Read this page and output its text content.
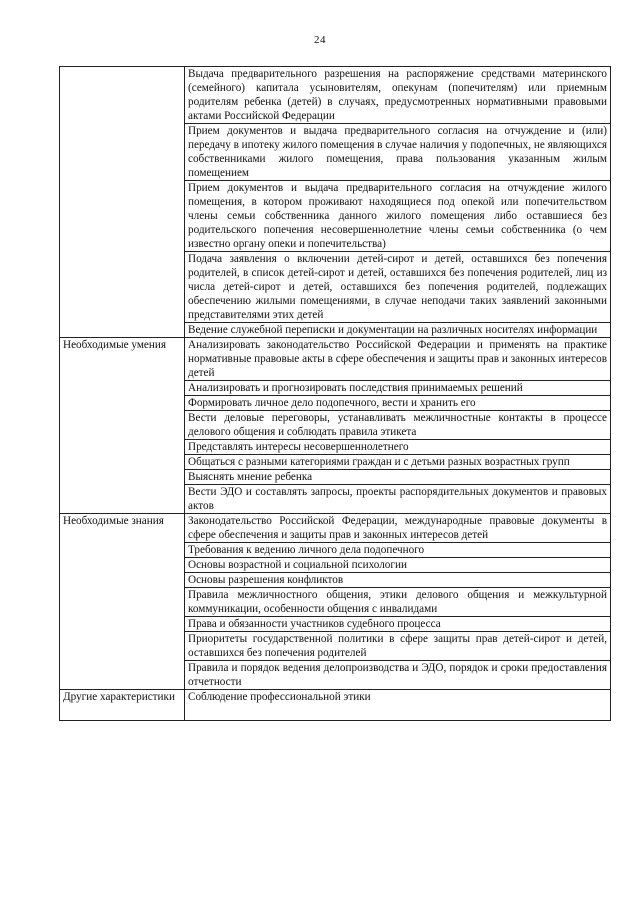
24
	Выдача предварительного разрешения на распоряжение средствами материнского (семейного) капитала усыновителям, опекунам (попечителям) или приемным родителям ребенка (детей) в случаях, предусмотренных нормативными правовыми актами Российской Федерации
	Прием документов и выдача предварительного согласия на отчуждение и (или) передачу в ипотеку жилого помещения в случае наличия у подопечных, не являющихся собственниками жилого помещения, права пользования указанным жилым помещением
	Прием документов и выдача предварительного согласия на отчуждение жилого помещения, в котором проживают находящиеся под опекой или попечительством члены семьи собственника данного жилого помещения либо оставшиеся без родительского попечения несовершеннолетние члены семьи собственника (о чем известно органу опеки и попечительства)
	Подача заявления о включении детей-сирот и детей, оставшихся без попечения родителей, в список детей-сирот и детей, оставшихся без попечения родителей, лиц из числа детей-сирот и детей, оставшихся без попечения родителей, подлежащих обеспечению жилыми помещениями, в случае неподачи таких заявлений законными представителями этих детей
	Ведение служебной переписки и документации на различных носителях информации
Необходимые умения	Анализировать законодательство Российской Федерации и применять на практике нормативные правовые акты в сфере обеспечения и защиты прав и законных интересов детей
	Анализировать и прогнозировать последствия принимаемых решений
	Формировать личное дело подопечного, вести и хранить его
	Вести деловые переговоры, устанавливать межличностные контакты в процессе делового общения и соблюдать правила этикета
	Представлять интересы несовершеннолетнего
	Общаться с разными категориями граждан и с детьми разных возрастных групп
	Выяснять мнение ребенка
	Вести ЭДО и составлять запросы, проекты распорядительных документов и правовых актов
Необходимые знания	Законодательство Российской Федерации, международные правовые документы в сфере обеспечения и защиты прав и законных интересов детей
	Требования к ведению личного дела подопечного
	Основы возрастной и социальной психологии
	Основы разрешения конфликтов
	Правила межличностного общения, этики делового общения и межкультурной коммуникации, особенности общения с инвалидами
	Права и обязанности участников судебного процесса
	Приоритеты государственной политики в сфере защиты прав детей-сирот и детей, оставшихся без попечения родителей
	Правила и порядок ведения делопроизводства и ЭДО, порядок и сроки предоставления отчетности
Другие характеристики	Соблюдение профессиональной этики
